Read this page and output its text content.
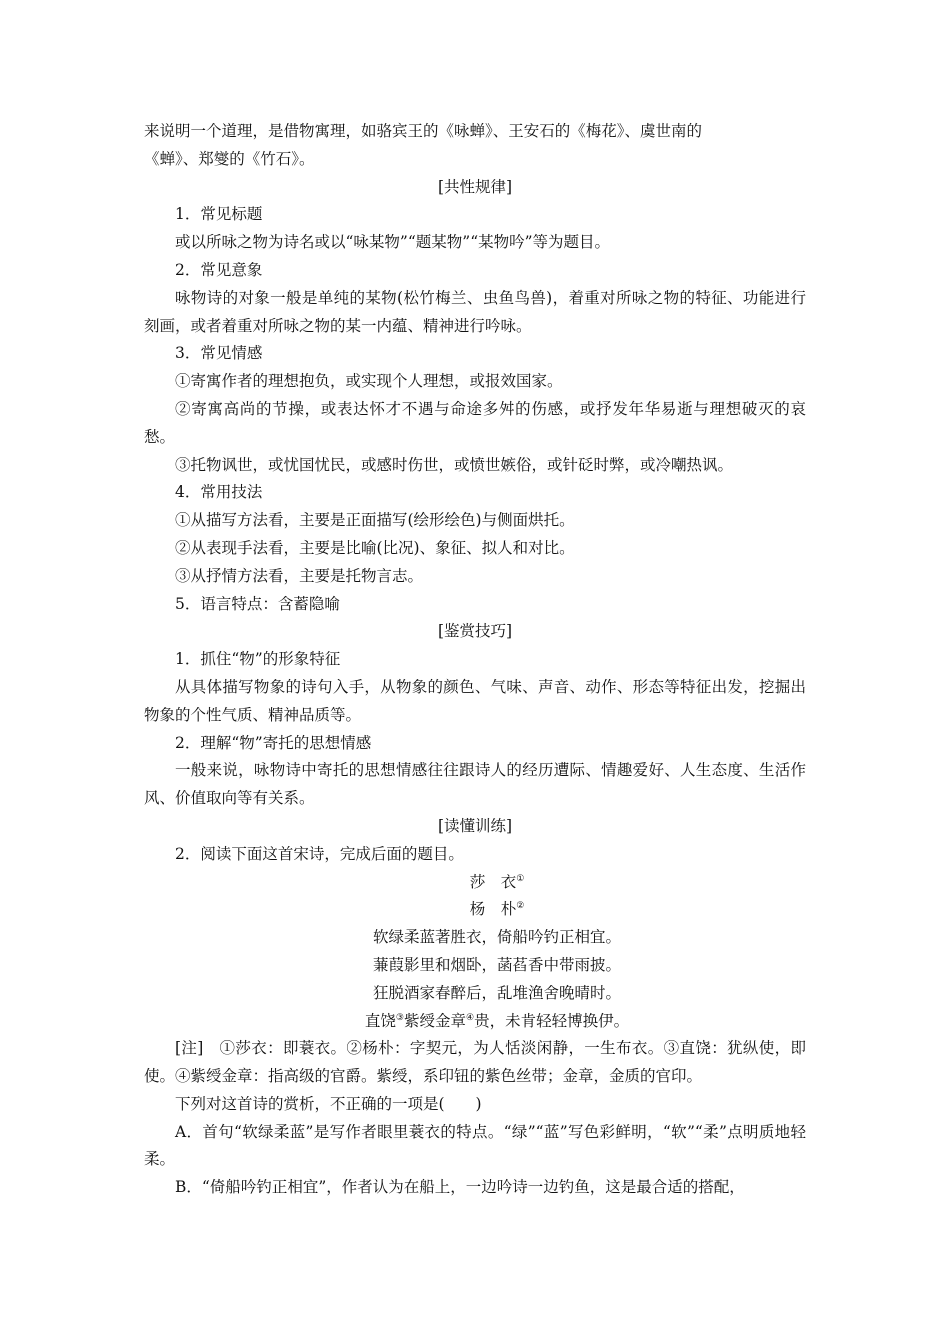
来说明一个道理，是借物寓理，如骆宾王的《咏蝉》、王安石的《梅花》、虞世南的

《蝉》、郑燮的《竹石》。

[共性规律]

1．常见标题

或以所咏之物为诗名或以“咏某物”“题某物”“某物吟”等为题目。

2．常见意象

咏物诗的对象一般是单纯的某物(松竹梅兰、虫鱼鸟兽)，着重对所咏之物的特征、功能进行刻画，或者着重对所咏之物的某一内蕴、精神进行吟咏。

3．常见情感

①寄寓作者的理想抱负，或实现个人理想，或报效国家。

②寄寓高尚的节操，或表达怀才不遇与命途多舛的伤感，或抒发年华易逝与理想破灭的哀愁。

③托物讽世，或忧国忧民，或感时伤世，或愤世嫉俗，或针砭时弊，或冷嘲热讽。

4．常用技法

①从描写方法看，主要是正面描写(绘形绘色)与侧面烘托。

②从表现手法看，主要是比喻(比况)、象征、拟人和对比。

③从抒情方法看，主要是托物言志。

5．语言特点：含蓄隐喻

[鉴赏技巧]

1．抓住“物”的形象特征

从具体描写物象的诗句入手，从物象的颜色、气味、声音、动作、形态等特征出发，挖掘出物象的个性气质、精神品质等。

2．理解“物”寄托的思想情感

一般来说，咏物诗中寄托的思想情感往往跟诗人的经历遭际、情趣爱好、人生态度、生活作风、价值取向等有关系。

[读懂训练]

2．阅读下面这首宋诗，完成后面的题目。

莎　衣①

杨　朴②

软绿柔蓝著胜衣，倚船吟钓正相宜。

蒹葭影里和烟卧，菡萏香中带雨披。

狂脱酒家春醉后，乱堆渔舍晚晴时。

直饶③紫绶金章④贵，未肯轻轻博换伊。

[注]　①莎衣：即蓑衣。②杨朴：字契元，为人恬淡闲静，一生布衣。③直饶：犹纵使，即使。④紫绶金章：指高级的官爵。紫绶，系印钮的紫色丝带；金章，金质的官印。

下列对这首诗的赏析，不正确的一项是(　　)

A．首句“软绿柔蓝”是写作者眼里蓑衣的特点。“绿”“蓝”写色彩鲜明，“软”“柔”点明质地轻柔。

B．“倚船吟钓正相宜”，作者认为在船上，一边吟诗一边钓鱼，这是最合适的搭配，
